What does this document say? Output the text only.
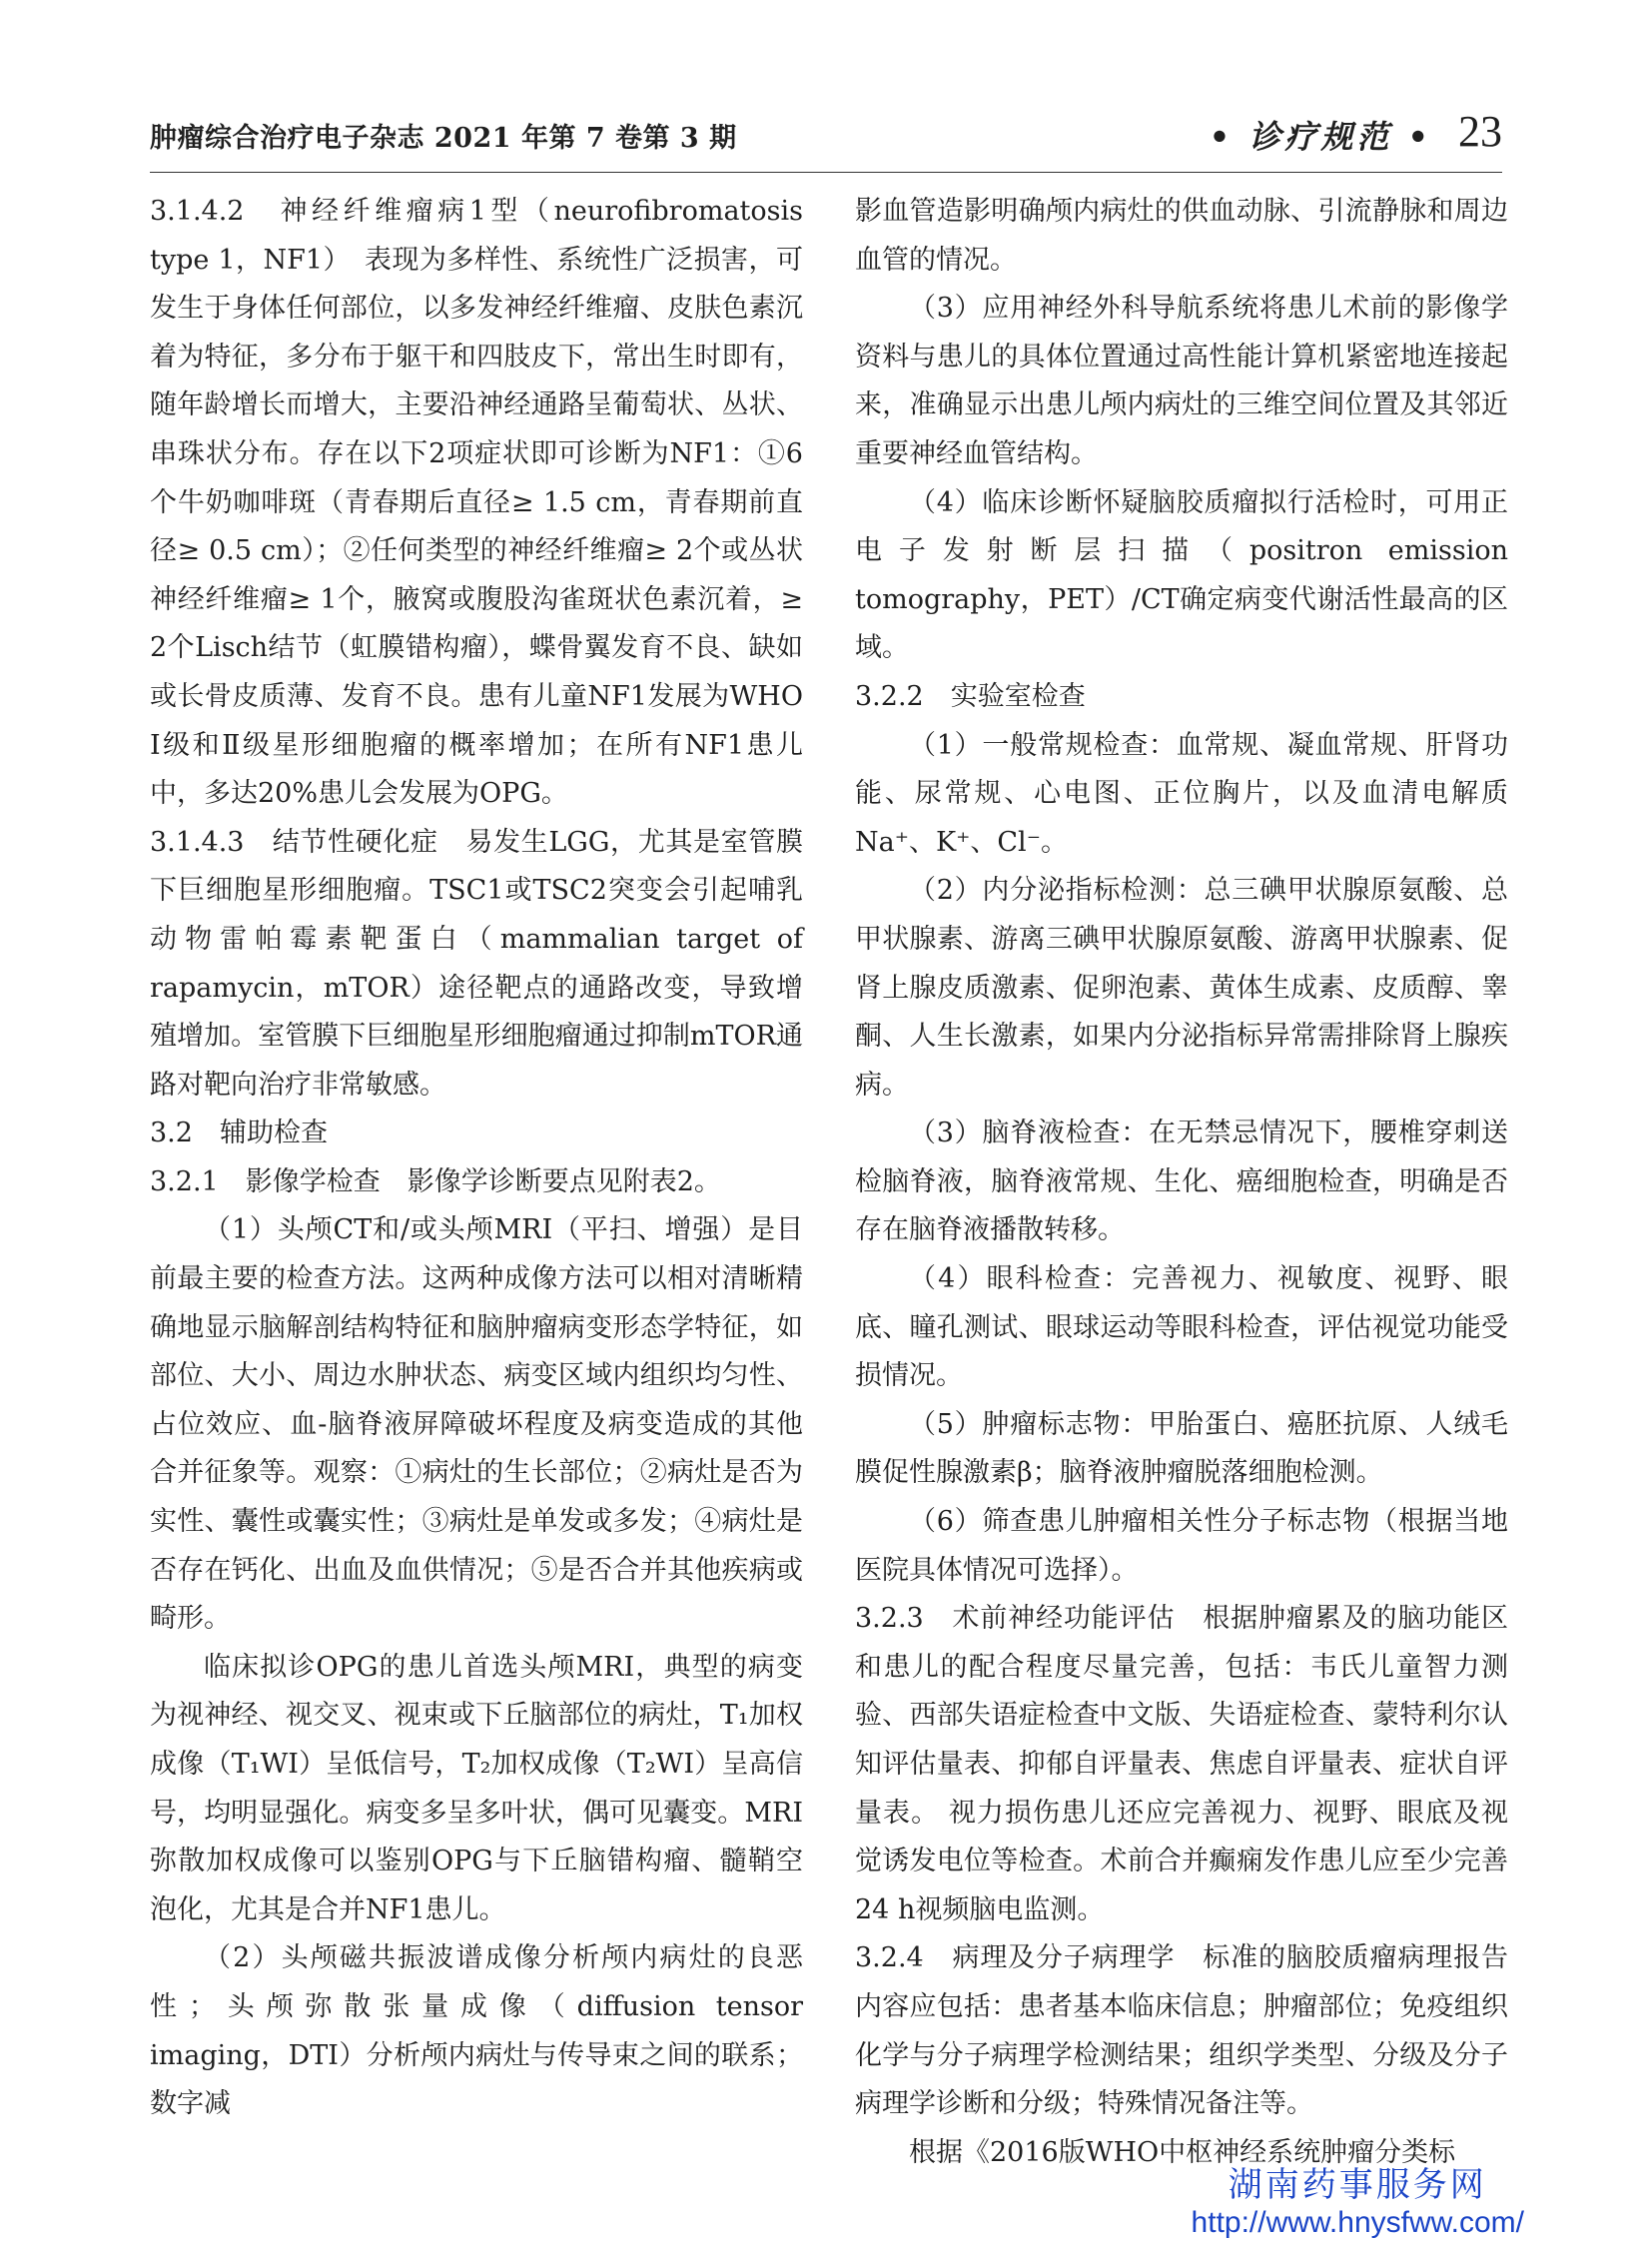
肿瘤综合治疗电子杂志 2021 年第 7 卷第 3 期	• 诊疗规范 • 23

3.1.4.2　神经纤维瘤病1型（neurofibromatosis type 1，NF1）　表现为多样性、系统性广泛损害，可发生于身体任何部位，以多发神经纤维瘤、皮肤色素沉着为特征，多分布于躯干和四肢皮下，常出生时即有，随年龄增长而增大，主要沿神经通路呈葡萄状、丛状、串珠状分布。存在以下2项症状即可诊断为NF1：①6个牛奶咖啡斑（青春期后直径≥ 1.5 cm，青春期前直径≥ 0.5 cm）；②任何类型的神经纤维瘤≥ 2个或丛状神经纤维瘤≥ 1个，腋窝或腹股沟雀斑状色素沉着，≥ 2个Lisch结节（虹膜错构瘤），蝶骨翼发育不良、缺如或长骨皮质薄、发育不良。患有儿童NF1发展为WHO Ⅰ级和Ⅱ级星形细胞瘤的概率增加；在所有NF1患儿中，多达20%患儿会发展为OPG。

3.1.4.3　结节性硬化症　易发生LGG，尤其是室管膜下巨细胞星形细胞瘤。TSC1或TSC2突变会引起哺乳动物雷帕霉素靶蛋白（mammalian target of rapamycin，mTOR）途径靶点的通路改变，导致增殖增加。室管膜下巨细胞星形细胞瘤通过抑制mTOR通路对靶向治疗非常敏感。

3.2　辅助检查

3.2.1　影像学检查　影像学诊断要点见附表2。

（1）头颅CT和/或头颅MRI（平扫、增强）是目前最主要的检查方法。这两种成像方法可以相对清晰精确地显示脑解剖结构特征和脑肿瘤病变形态学特征，如部位、大小、周边水肿状态、病变区域内组织均匀性、占位效应、血-脑脊液屏障破坏程度及病变造成的其他合并征象等。观察：①病灶的生长部位；②病灶是否为实性、囊性或囊实性；③病灶是单发或多发；④病灶是否存在钙化、出血及血供情况；⑤是否合并其他疾病或畸形。

临床拟诊OPG的患儿首选头颅MRI，典型的病变为视神经、视交叉、视束或下丘脑部位的病灶，T₁加权成像（T₁WI）呈低信号，T₂加权成像（T₂WI）呈高信号，均明显强化。病变多呈多叶状，偶可见囊变。MRI弥散加权成像可以鉴别OPG与下丘脑错构瘤、髓鞘空泡化，尤其是合并NF1患儿。

（2）头颅磁共振波谱成像分析颅内病灶的良恶性；头颅弥散张量成像（diffusion tensor imaging，DTI）分析颅内病灶与传导束之间的联系；数字减

影血管造影明确颅内病灶的供血动脉、引流静脉和周边血管的情况。

（3）应用神经外科导航系统将患儿术前的影像学资料与患儿的具体位置通过高性能计算机紧密地连接起来，准确显示出患儿颅内病灶的三维空间位置及其邻近重要神经血管结构。

（4）临床诊断怀疑脑胶质瘤拟行活检时，可用正电子发射断层扫描（positron emission tomography，PET）/CT确定病变代谢活性最高的区域。

3.2.2　实验室检查

（1）一般常规检查：血常规、凝血常规、肝肾功能、尿常规、心电图、正位胸片，以及血清电解质Na⁺、K⁺、Cl⁻。

（2）内分泌指标检测：总三碘甲状腺原氨酸、总甲状腺素、游离三碘甲状腺原氨酸、游离甲状腺素、促肾上腺皮质激素、促卵泡素、黄体生成素、皮质醇、睾酮、人生长激素，如果内分泌指标异常需排除肾上腺疾病。

（3）脑脊液检查：在无禁忌情况下，腰椎穿刺送检脑脊液，脑脊液常规、生化、癌细胞检查，明确是否存在脑脊液播散转移。

（4）眼科检查：完善视力、视敏度、视野、眼底、瞳孔测试、眼球运动等眼科检查，评估视觉功能受损情况。

（5）肿瘤标志物：甲胎蛋白、癌胚抗原、人绒毛膜促性腺激素β；脑脊液肿瘤脱落细胞检测。

（6）筛查患儿肿瘤相关性分子标志物（根据当地医院具体情况可选择）。

3.2.3　术前神经功能评估　根据肿瘤累及的脑功能区和患儿的配合程度尽量完善，包括：韦氏儿童智力测验、西部失语症检查中文版、失语症检查、蒙特利尔认知评估量表、抑郁自评量表、焦虑自评量表、症状自评量表。 视力损伤患儿还应完善视力、视野、眼底及视觉诱发电位等检查。术前合并癫痫发作患儿应至少完善24 h视频脑电监测。

3.2.4　病理及分子病理学　标准的脑胶质瘤病理报告内容应包括：患者基本临床信息；肿瘤部位；免疫组织化学与分子病理学检测结果；组织学类型、分级及分子病理学诊断和分级；特殊情况备注等。

根据《2016版WHO中枢神经系统肿瘤分类标

湖南药事服务网
http://www.hnysfww.com/
